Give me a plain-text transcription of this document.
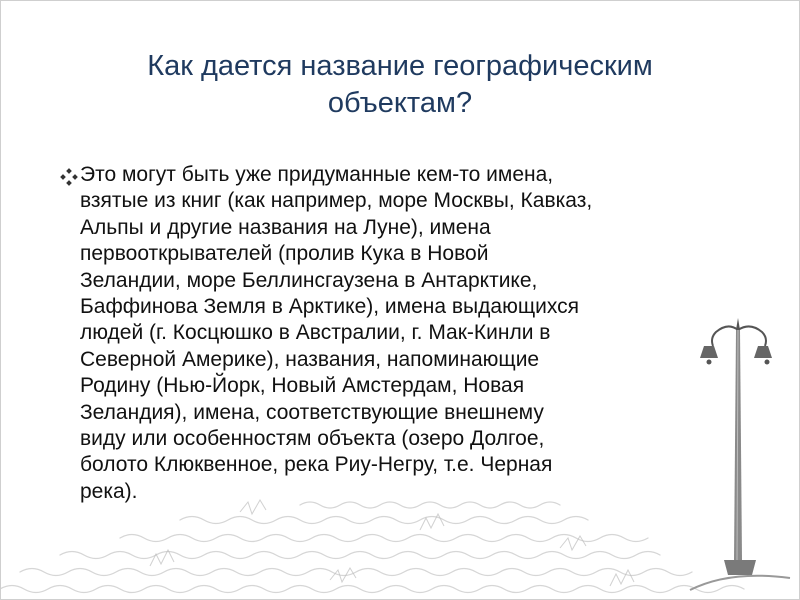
Как дается название географическим
объектам?
Это могут быть уже придуманные кем-то имена,
взятые из книг (как например, море Москвы, Кавказ,
Альпы и другие названия на Луне), имена
первооткрывателей (пролив Кука в Новой
Зеландии, море Беллинсгаузена в Антарктике,
Баффинова Земля в Арктике), имена выдающихся
людей (г. Косцюшко в Австралии, г. Мак-Кинли в
Северной Америке), названия, напоминающие
Родину (Нью-Йорк, Новый Амстердам, Новая
Зеландия), имена, соответствующие внешнему
виду или особенностям объекта (озеро Долгое,
болото Клюквенное, река Риу-Негру, т.е. Черная
река).
